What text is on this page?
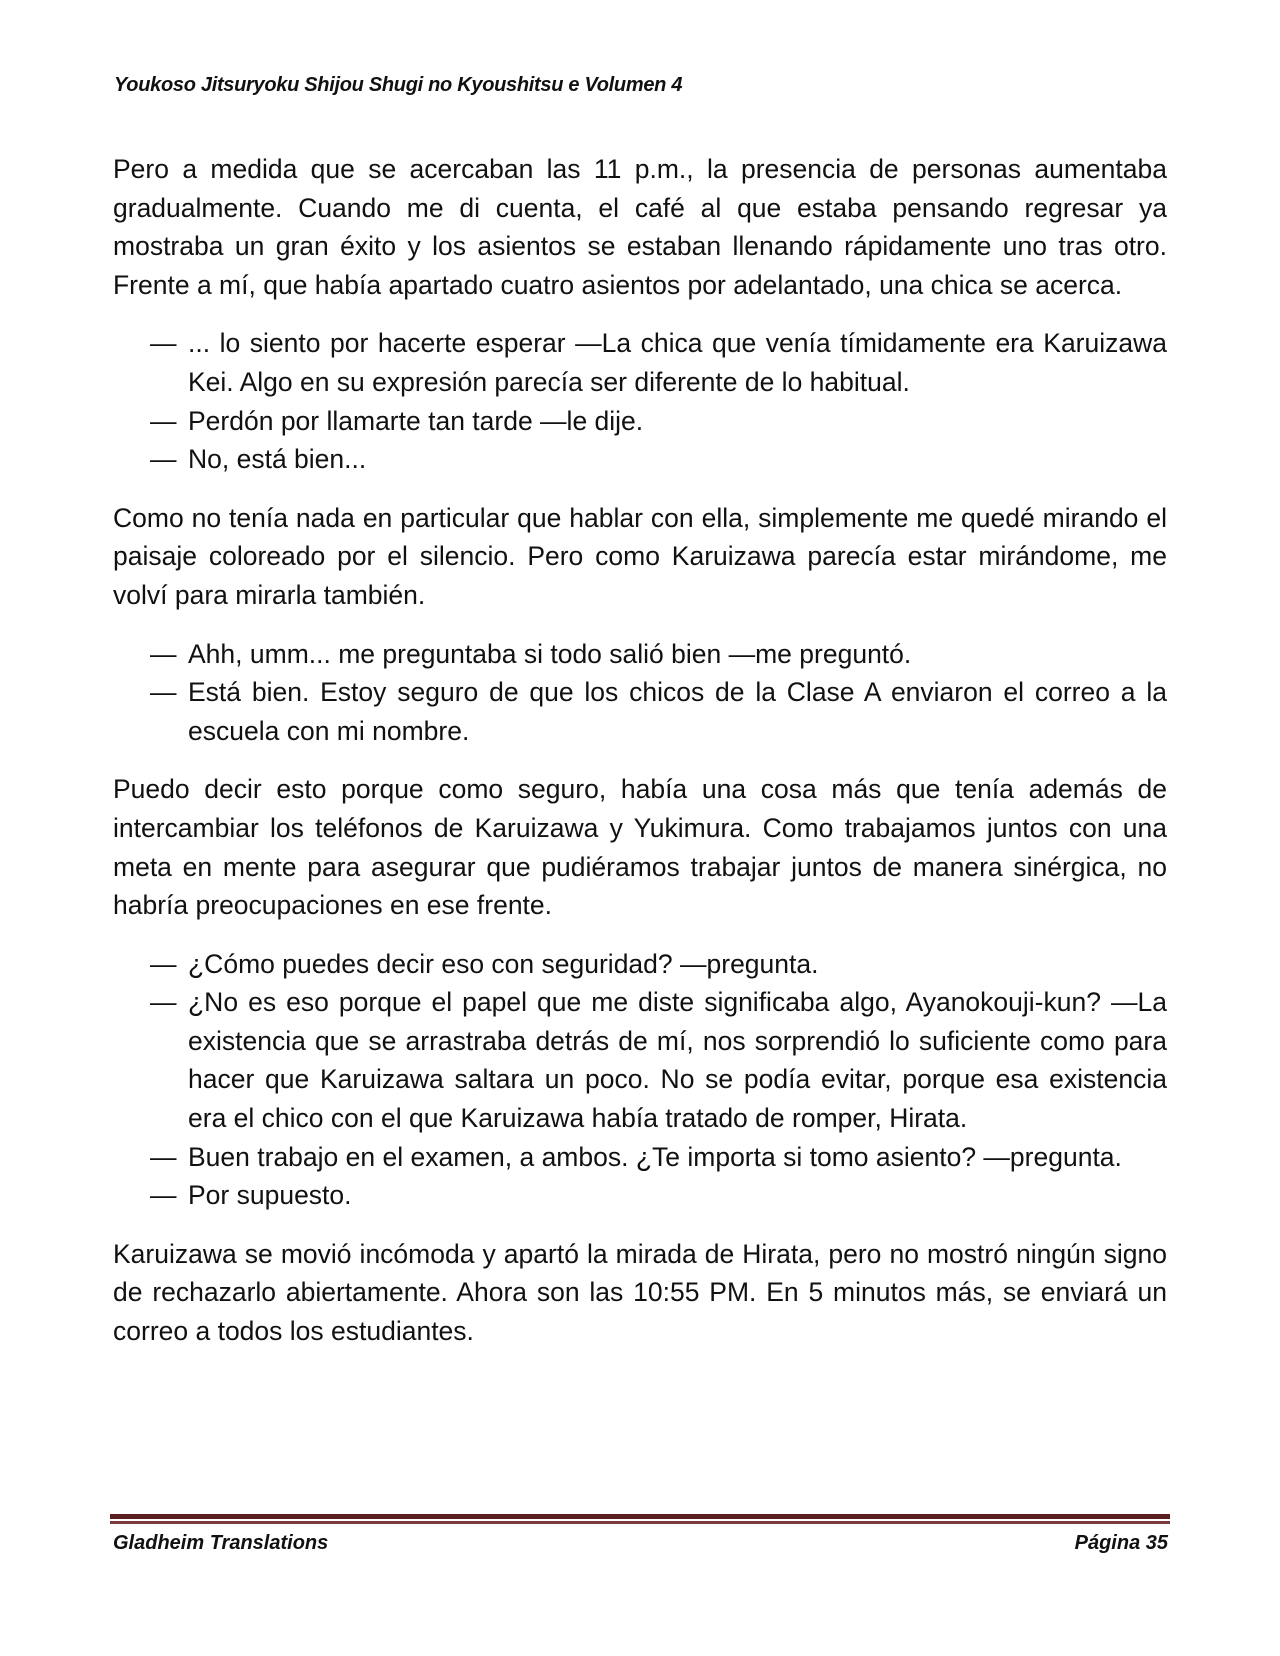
Youkoso Jitsuryoku Shijou Shugi no Kyoushitsu e Volumen 4

Pero a medida que se acercaban las 11 p.m., la presencia de personas aumentaba gradualmente. Cuando me di cuenta, el café al que estaba pensando regresar ya mostraba un gran éxito y los asientos se estaban llenando rápidamente uno tras otro. Frente a mí, que había apartado cuatro asientos por adelantado, una chica se acerca.

— ... lo siento por hacerte esperar —La chica que venía tímidamente era Karuizawa Kei. Algo en su expresión parecía ser diferente de lo habitual.
— Perdón por llamarte tan tarde —le dije.
— No, está bien...

Como no tenía nada en particular que hablar con ella, simplemente me quedé mirando el paisaje coloreado por el silencio. Pero como Karuizawa parecía estar mirándome, me volví para mirarla también.

— Ahh, umm... me preguntaba si todo salió bien —me preguntó.
— Está bien. Estoy seguro de que los chicos de la Clase A enviaron el correo a la escuela con mi nombre.

Puedo decir esto porque como seguro, había una cosa más que tenía además de intercambiar los teléfonos de Karuizawa y Yukimura. Como trabajamos juntos con una meta en mente para asegurar que pudiéramos trabajar juntos de manera sinérgica, no habría preocupaciones en ese frente.

— ¿Cómo puedes decir eso con seguridad? —pregunta.
— ¿No es eso porque el papel que me diste significaba algo, Ayanokouji-kun? —La existencia que se arrastraba detrás de mí, nos sorprendió lo suficiente como para hacer que Karuizawa saltara un poco. No se podía evitar, porque esa existencia era el chico con el que Karuizawa había tratado de romper, Hirata.
— Buen trabajo en el examen, a ambos. ¿Te importa si tomo asiento? —pregunta.
— Por supuesto.

Karuizawa se movió incómoda y apartó la mirada de Hirata, pero no mostró ningún signo de rechazarlo abiertamente. Ahora son las 10:55 PM. En 5 minutos más, se enviará un correo a todos los estudiantes.

Gladheim Translations	Página 35
